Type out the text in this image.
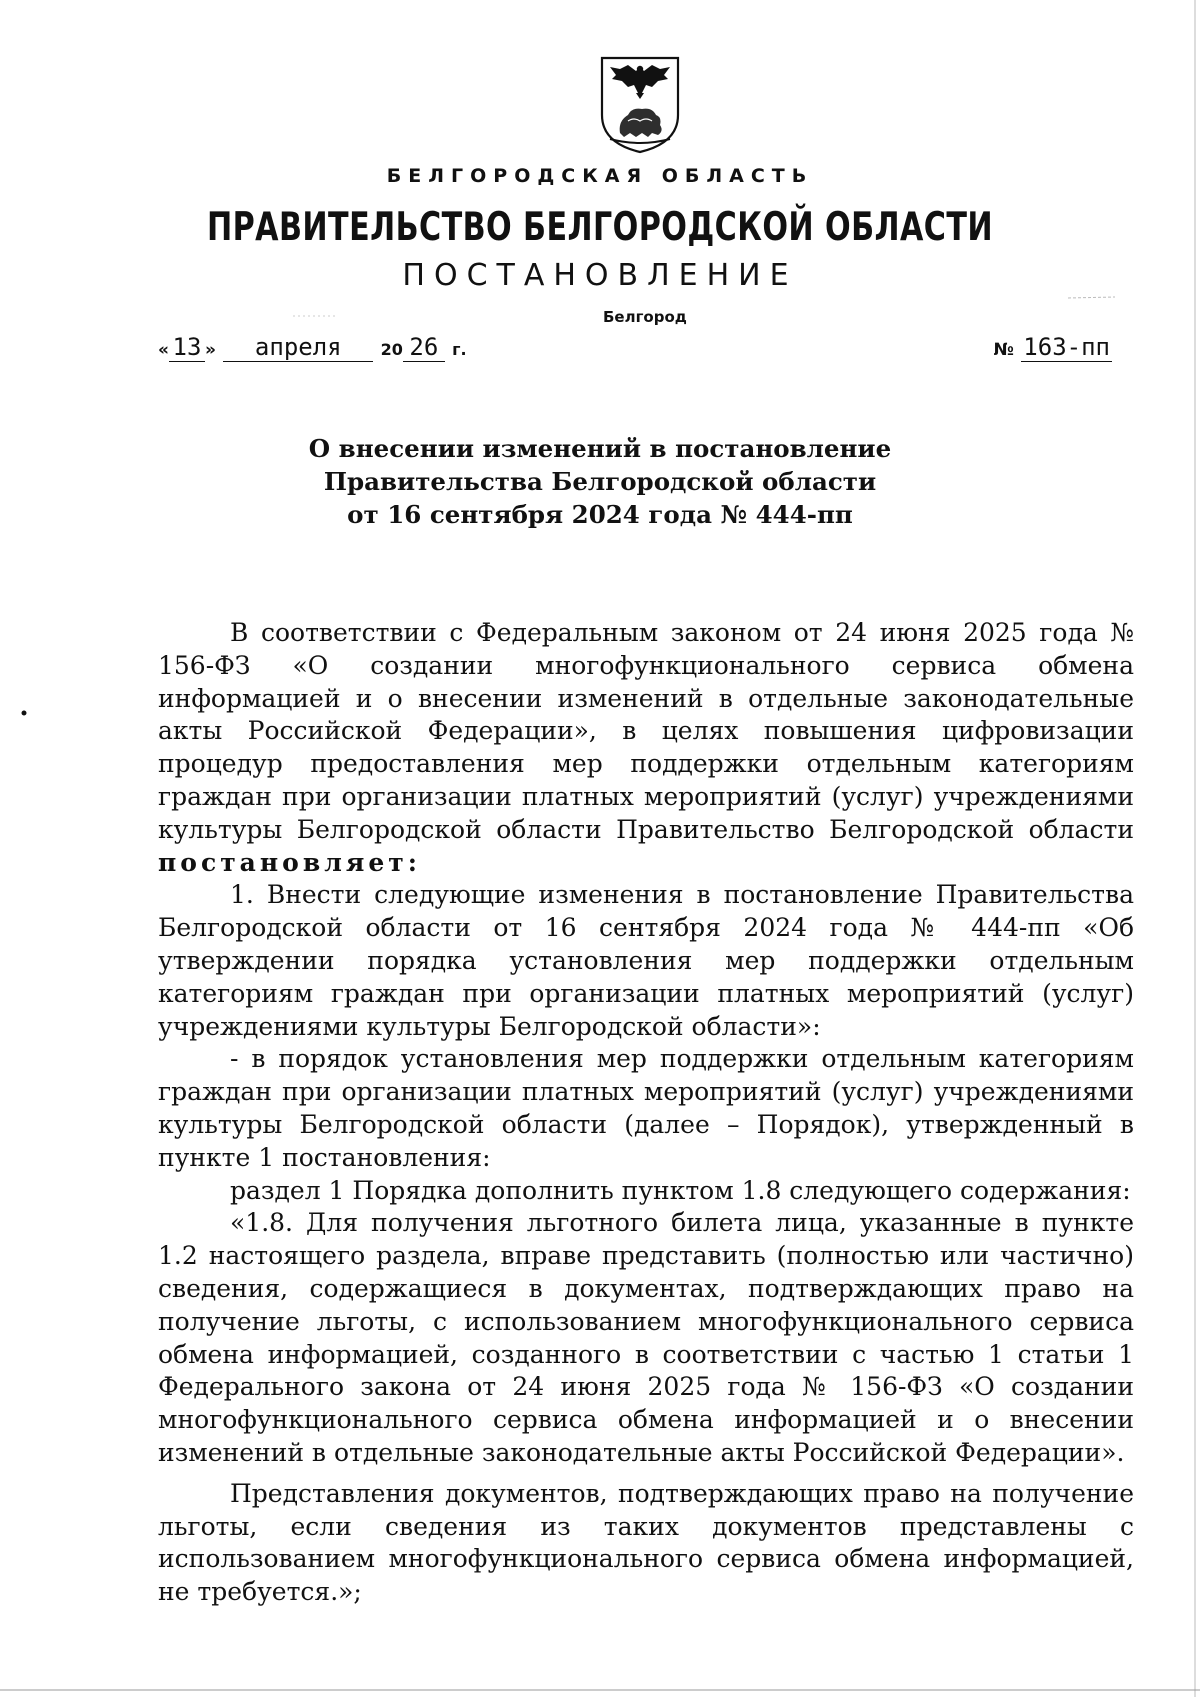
БЕЛГОРОДСКАЯ ОБЛАСТЬ
ПРАВИТЕЛЬСТВО БЕЛГОРОДСКОЙ ОБЛАСТИ
ПОСТАНОВЛЕНИЕ
Белгород
« 13 » апреля 20 26 г.	№ 163-пп
О внесении изменений в постановление
Правительства Белгородской области
от 16 сентября 2024 года № 444-пп

В соответствии с Федеральным законом от 24 июня 2025 года № 156-ФЗ «О создании многофункционального сервиса обмена информацией и о внесении изменений в отдельные законодательные акты Российской Федерации», в целях повышения цифровизации процедур предоставления мер поддержки отдельным категориям граждан при организации платных мероприятий (услуг) учреждениями культуры Белгородской области Правительство Белгородской области постановляет:

1. Внести следующие изменения в постановление Правительства Белгородской области от 16 сентября 2024 года № 444-пп «Об утверждении порядка установления мер поддержки отдельным категориям граждан при организации платных мероприятий (услуг) учреждениями культуры Белгородской области»:

- в порядок установления мер поддержки отдельным категориям граждан при организации платных мероприятий (услуг) учреждениями культуры Белгородской области (далее – Порядок), утвержденный в пункте 1 постановления:

раздел 1 Порядка дополнить пунктом 1.8 следующего содержания:

«1.8. Для получения льготного билета лица, указанные в пункте 1.2 настоящего раздела, вправе представить (полностью или частично) сведения, содержащиеся в документах, подтверждающих право на получение льготы, с использованием многофункционального сервиса обмена информацией, созданного в соответствии с частью 1 статьи 1 Федерального закона от 24 июня 2025 года № 156-ФЗ «О создании многофункционального сервиса обмена информацией и о внесении изменений в отдельные законодательные акты Российской Федерации».

Представления документов, подтверждающих право на получение льготы, если сведения из таких документов представлены с использованием многофункционального сервиса обмена информацией, не требуется.»;
